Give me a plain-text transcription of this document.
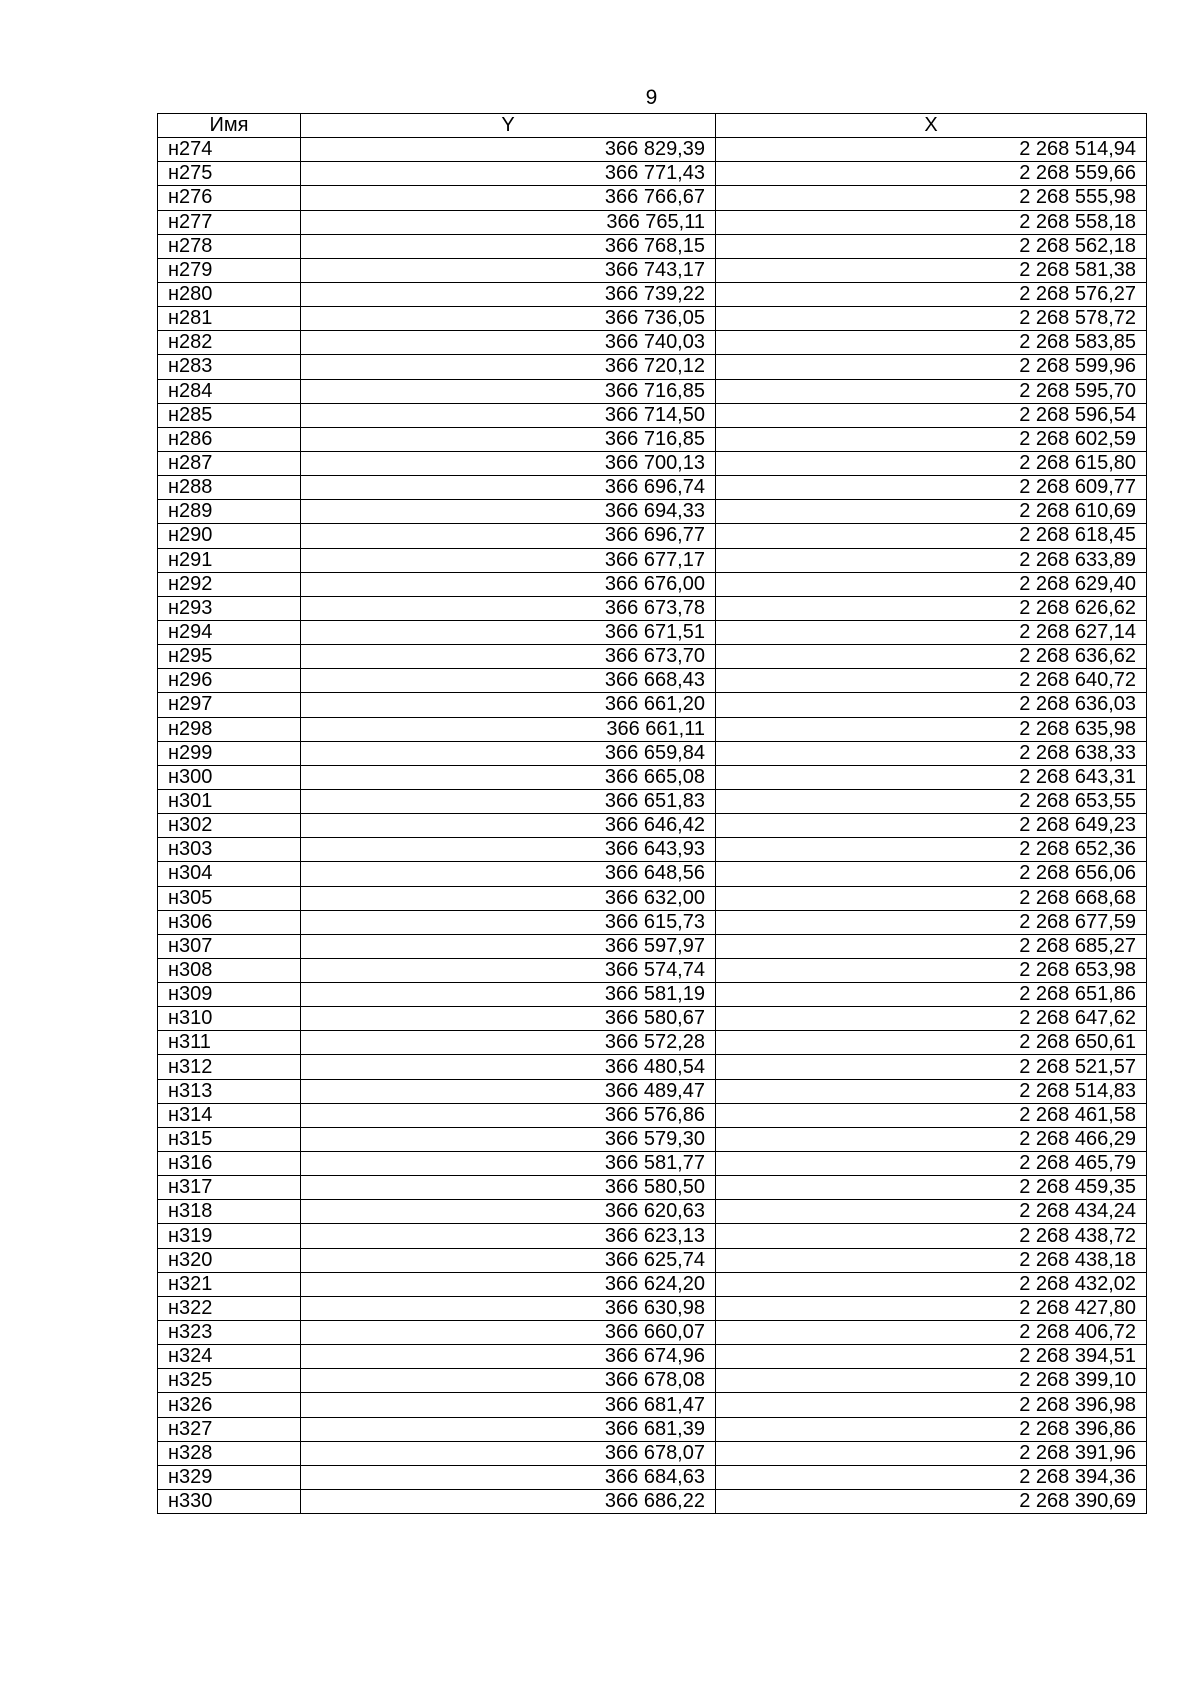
9
Имя	Y	X
н274	366 829,39	2 268 514,94
н275	366 771,43	2 268 559,66
н276	366 766,67	2 268 555,98
н277	366 765,11	2 268 558,18
н278	366 768,15	2 268 562,18
н279	366 743,17	2 268 581,38
н280	366 739,22	2 268 576,27
н281	366 736,05	2 268 578,72
н282	366 740,03	2 268 583,85
н283	366 720,12	2 268 599,96
н284	366 716,85	2 268 595,70
н285	366 714,50	2 268 596,54
н286	366 716,85	2 268 602,59
н287	366 700,13	2 268 615,80
н288	366 696,74	2 268 609,77
н289	366 694,33	2 268 610,69
н290	366 696,77	2 268 618,45
н291	366 677,17	2 268 633,89
н292	366 676,00	2 268 629,40
н293	366 673,78	2 268 626,62
н294	366 671,51	2 268 627,14
н295	366 673,70	2 268 636,62
н296	366 668,43	2 268 640,72
н297	366 661,20	2 268 636,03
н298	366 661,11	2 268 635,98
н299	366 659,84	2 268 638,33
н300	366 665,08	2 268 643,31
н301	366 651,83	2 268 653,55
н302	366 646,42	2 268 649,23
н303	366 643,93	2 268 652,36
н304	366 648,56	2 268 656,06
н305	366 632,00	2 268 668,68
н306	366 615,73	2 268 677,59
н307	366 597,97	2 268 685,27
н308	366 574,74	2 268 653,98
н309	366 581,19	2 268 651,86
н310	366 580,67	2 268 647,62
н311	366 572,28	2 268 650,61
н312	366 480,54	2 268 521,57
н313	366 489,47	2 268 514,83
н314	366 576,86	2 268 461,58
н315	366 579,30	2 268 466,29
н316	366 581,77	2 268 465,79
н317	366 580,50	2 268 459,35
н318	366 620,63	2 268 434,24
н319	366 623,13	2 268 438,72
н320	366 625,74	2 268 438,18
н321	366 624,20	2 268 432,02
н322	366 630,98	2 268 427,80
н323	366 660,07	2 268 406,72
н324	366 674,96	2 268 394,51
н325	366 678,08	2 268 399,10
н326	366 681,47	2 268 396,98
н327	366 681,39	2 268 396,86
н328	366 678,07	2 268 391,96
н329	366 684,63	2 268 394,36
н330	366 686,22	2 268 390,69
